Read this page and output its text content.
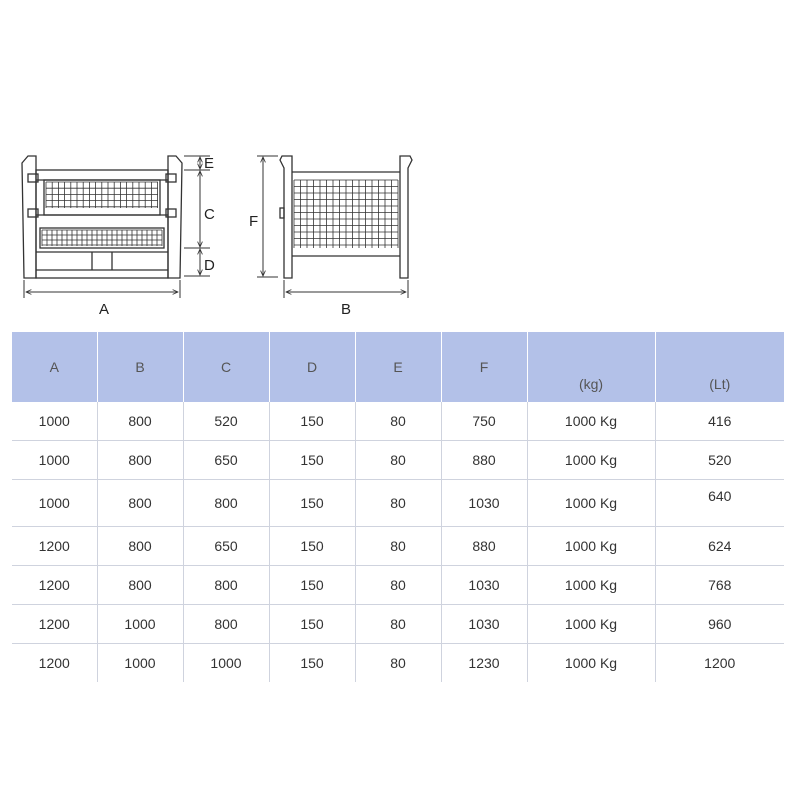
E
C
D
A
F
B
A	B	C	D	E	F	(kg)	(Lt)
1000	800	520	150	80	750	1000 Kg	416
1000	800	650	150	80	880	1000 Kg	520
1000	800	800	150	80	1030	1000 Kg	640
1200	800	650	150	80	880	1000 Kg	624
1200	800	800	150	80	1030	1000 Kg	768
1200	1000	800	150	80	1030	1000 Kg	960
1200	1000	1000	150	80	1230	1000 Kg	1200
